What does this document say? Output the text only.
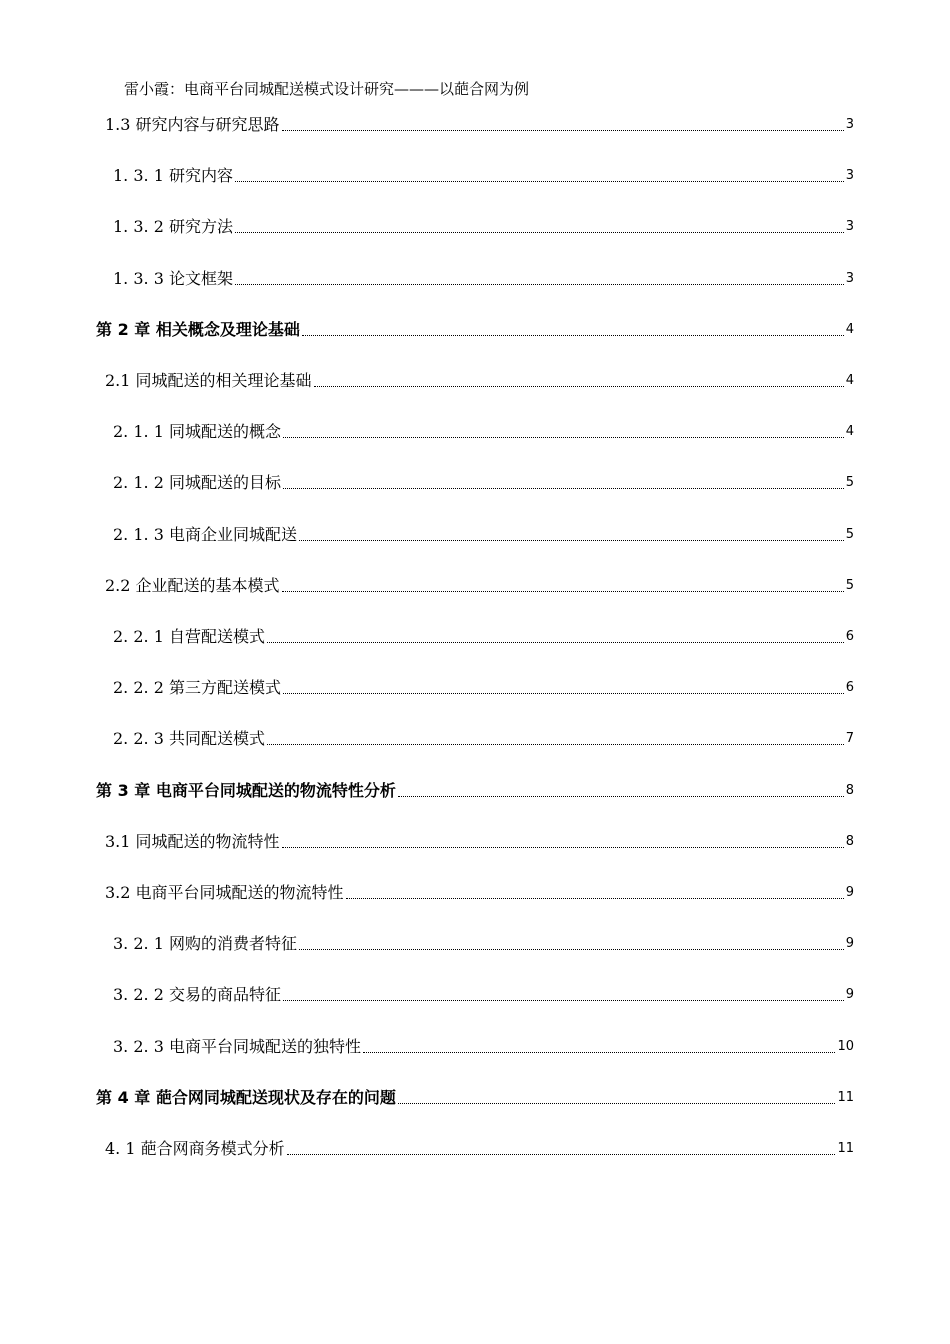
雷小霞：电商平台同城配送模式设计研究———以葩合网为例
1.3 研究内容与研究思路	3
1. 3. 1 研究内容	3
1. 3. 2 研究方法	3
1. 3. 3 论文框架	3
第 2 章 相关概念及理论基础	4
2.1 同城配送的相关理论基础	4
2. 1. 1 同城配送的概念	4
2. 1. 2 同城配送的目标	5
2. 1. 3 电商企业同城配送	5
2.2 企业配送的基本模式	5
2. 2. 1 自营配送模式	6
2. 2. 2 第三方配送模式	6
2. 2. 3 共同配送模式	7
第 3 章 电商平台同城配送的物流特性分析	8
3.1 同城配送的物流特性	8
3.2 电商平台同城配送的物流特性	9
3. 2. 1 网购的消费者特征	9
3. 2. 2 交易的商品特征	9
3. 2. 3 电商平台同城配送的独特性	10
第 4 章 葩合网同城配送现状及存在的问题	11
4. 1 葩合网商务模式分析	11
